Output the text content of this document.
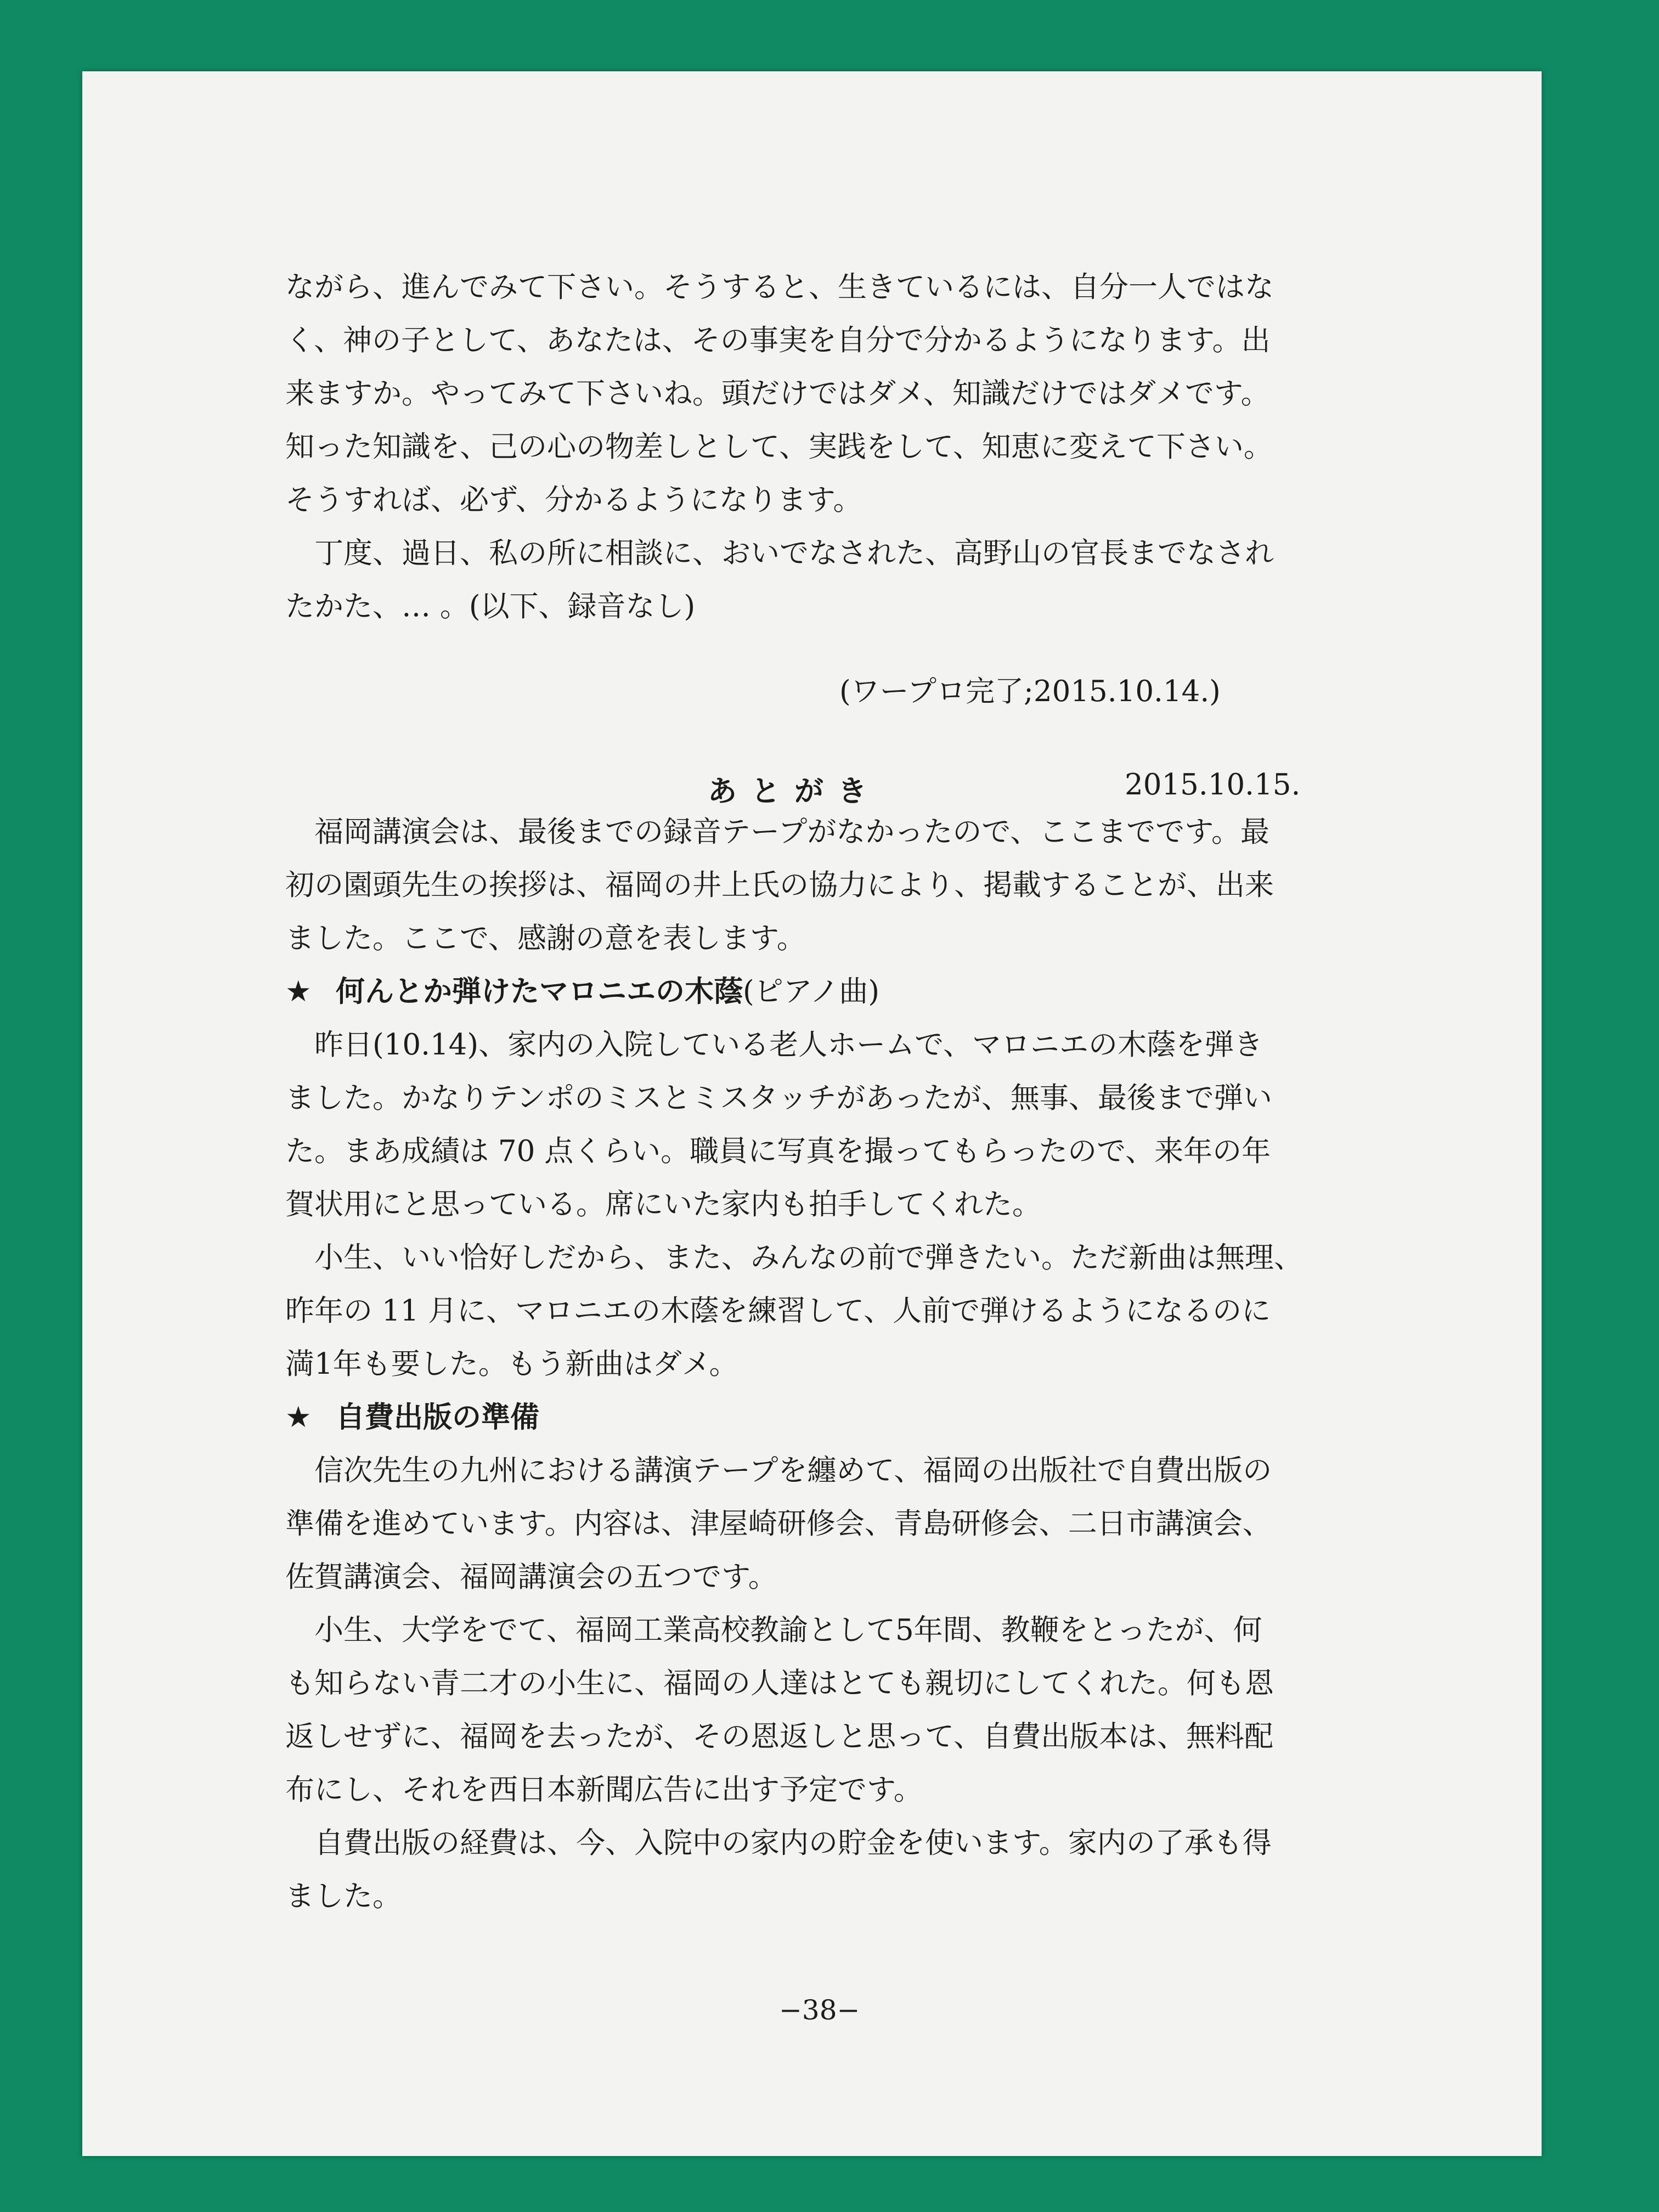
ながら、進んでみて下さい。そうすると、生きているには、自分一人ではな
く、神の子として、あなたは、その事実を自分で分かるようになります。出
来ますか。やってみて下さいね。頭だけではダメ、知識だけではダメです。
知った知識を、己の心の物差しとして、実践をして、知恵に変えて下さい。
そうすれば、必ず、分かるようになります。
丁度、過日、私の所に相談に、おいでなされた、高野山の官長までなされ
たかた、… 。(以下、録音なし)
(ワープロ完了;2015.10.14.)
あとがき	2015.10.15.
福岡講演会は、最後までの録音テープがなかったので、ここまでです。最
初の園頭先生の挨拶は、福岡の井上氏の協力により、掲載することが、出来
ました。ここで、感謝の意を表します。
★ 何んとか弾けたマロニエの木蔭(ピアノ曲)
昨日(10.14)、家内の入院している老人ホームで、マロニエの木蔭を弾き
ました。かなりテンポのミスとミスタッチがあったが、無事、最後まで弾い
た。まあ成績は 70 点くらい。職員に写真を撮ってもらったので、来年の年
賀状用にと思っている。席にいた家内も拍手してくれた。
小生、いい恰好しだから、また、みんなの前で弾きたい。ただ新曲は無理、
昨年の 11 月に、マロニエの木蔭を練習して、人前で弾けるようになるのに
満1年も要した。もう新曲はダメ。
★ 自費出版の準備
信次先生の九州における講演テープを纏めて、福岡の出版社で自費出版の
準備を進めています。内容は、津屋崎研修会、青島研修会、二日市講演会、
佐賀講演会、福岡講演会の五つです。
小生、大学をでて、福岡工業高校教諭として5年間、教鞭をとったが、何
も知らない青二才の小生に、福岡の人達はとても親切にしてくれた。何も恩
返しせずに、福岡を去ったが、その恩返しと思って、自費出版本は、無料配
布にし、それを西日本新聞広告に出す予定です。
自費出版の経費は、今、入院中の家内の貯金を使います。家内の了承も得
ました。
−38−
